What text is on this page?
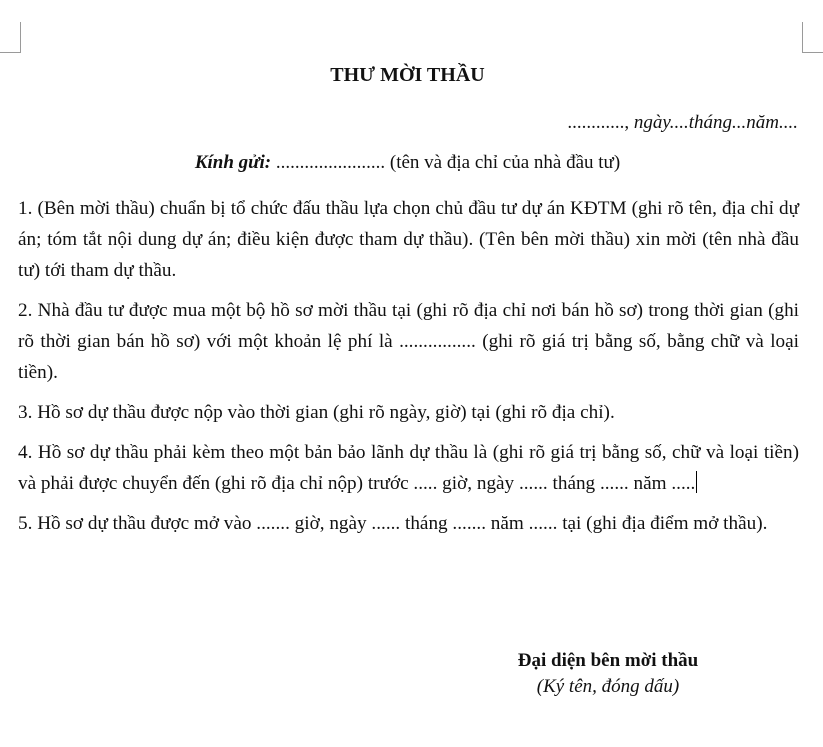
THƯ MỜI THẦU

............, ngày....tháng...năm....

Kính gửi: ....................... (tên và địa chỉ của nhà đầu tư)

1. (Bên mời thầu) chuẩn bị tổ chức đấu thầu lựa chọn chủ đầu tư dự án KĐTM (ghi rõ tên, địa chỉ dự án; tóm tắt nội dung dự án; điều kiện được tham dự thầu). (Tên bên mời thầu) xin mời (tên nhà đầu tư) tới tham dự thầu.

2. Nhà đầu tư được mua một bộ hồ sơ mời thầu tại (ghi rõ địa chỉ nơi bán hồ sơ) trong thời gian (ghi rõ thời gian bán hồ sơ) với một khoản lệ phí là ................ (ghi rõ giá trị bằng số, bằng chữ và loại tiền).

3. Hồ sơ dự thầu được nộp vào thời gian (ghi rõ ngày, giờ) tại (ghi rõ địa chỉ).

4. Hồ sơ dự thầu phải kèm theo một bản bảo lãnh dự thầu là (ghi rõ giá trị bằng số, chữ và loại tiền) và phải được chuyển đến (ghi rõ địa chỉ nộp) trước ..... giờ, ngày ...... tháng ...... năm .....

5. Hồ sơ dự thầu được mở vào ....... giờ, ngày ...... tháng ....... năm ...... tại (ghi địa điểm mở thầu).

Đại diện bên mời thầu

(Ký tên, đóng dấu)
